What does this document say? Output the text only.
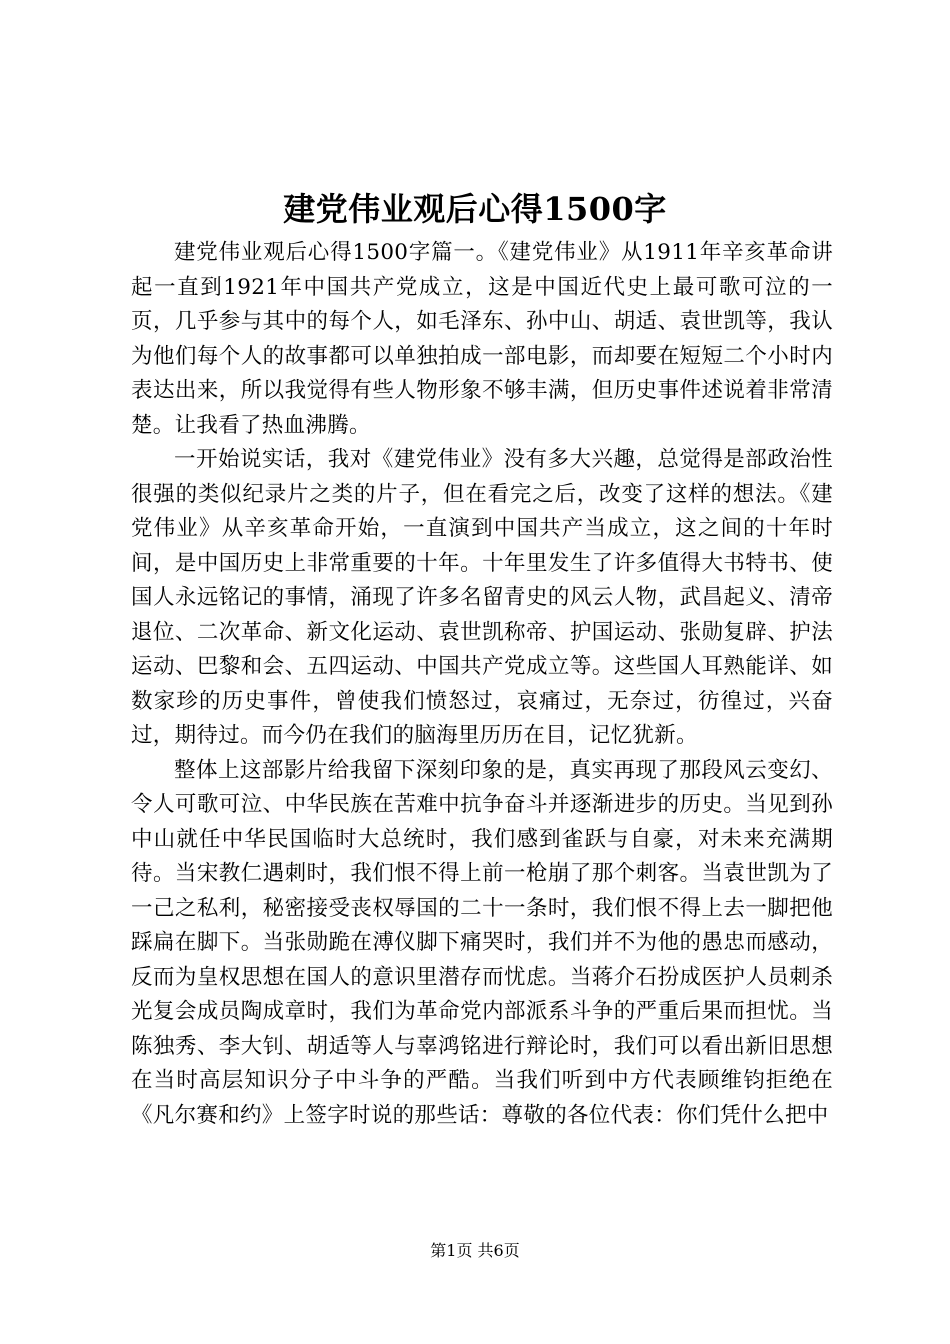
建党伟业观后心得1500字

建党伟业观后心得1500字篇一。《建党伟业》从1911年辛亥革命讲起一直到1921年中国共产党成立，这是中国近代史上最可歌可泣的一页，几乎参与其中的每个人，如毛泽东、孙中山、胡适、袁世凯等，我认为他们每个人的故事都可以单独拍成一部电影，而却要在短短二个小时内表达出来，所以我觉得有些人物形象不够丰满，但历史事件述说着非常清楚。让我看了热血沸腾。

一开始说实话，我对《建党伟业》没有多大兴趣，总觉得是部政治性很强的类似纪录片之类的片子，但在看完之后，改变了这样的想法。《建党伟业》从辛亥革命开始，一直演到中国共产当成立，这之间的十年时间，是中国历史上非常重要的十年。十年里发生了许多值得大书特书、使国人永远铭记的事情，涌现了许多名留青史的风云人物，武昌起义、清帝退位、二次革命、新文化运动、袁世凯称帝、护国运动、张勋复辟、护法运动、巴黎和会、五四运动、中国共产党成立等。这些国人耳熟能详、如数家珍的历史事件，曾使我们愤怒过，哀痛过，无奈过，彷徨过，兴奋过，期待过。而今仍在我们的脑海里历历在目，记忆犹新。

整体上这部影片给我留下深刻印象的是，真实再现了那段风云变幻、令人可歌可泣、中华民族在苦难中抗争奋斗并逐渐进步的历史。当见到孙中山就任中华民国临时大总统时，我们感到雀跃与自豪，对未来充满期待。当宋教仁遇刺时，我们恨不得上前一枪崩了那个刺客。当袁世凯为了一己之私利，秘密接受丧权辱国的二十一条时，我们恨不得上去一脚把他踩扁在脚下。当张勋跪在溥仪脚下痛哭时，我们并不为他的愚忠而感动，反而为皇权思想在国人的意识里潜存而忧虑。当蒋介石扮成医护人员刺杀光复会成员陶成章时，我们为革命党内部派系斗争的严重后果而担忧。当陈独秀、李大钊、胡适等人与辜鸿铭进行辩论时，我们可以看出新旧思想在当时高层知识分子中斗争的严酷。当我们听到中方代表顾维钧拒绝在《凡尔赛和约》上签字时说的那些话：尊敬的各位代表：你们凭什么把中

第1页 共6页
